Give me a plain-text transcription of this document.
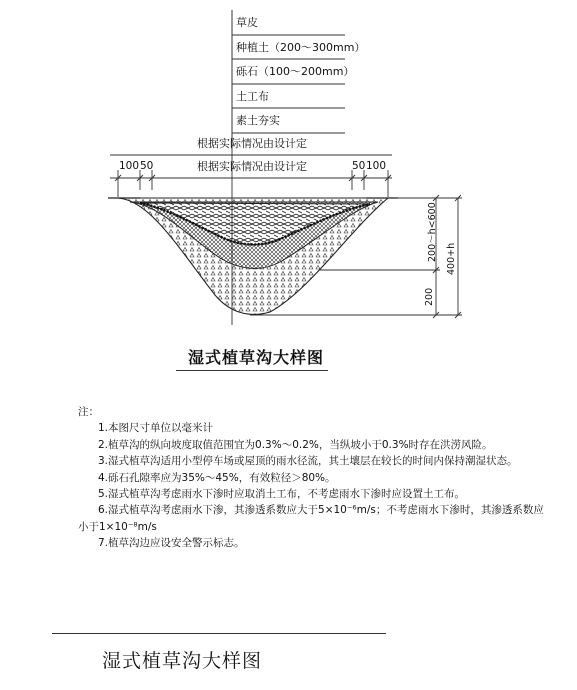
草皮
种植土（200～300mm）
砾石（100～200mm）
土工布
素土夯实
根据实际情况由设计定
根据实际情况由设计定
100 50	50 100
200～h<600 400+h
200
湿式植草沟大样图

注：

1.本图尺寸单位以毫米计

2.植草沟的纵向坡度取值范围宜为0.3%～0.2%，当纵坡小于0.3%时存在洪涝风险。

3.湿式植草沟适用小型停车场或屋顶的雨水径流，其土壤层在较长的时间内保持潮湿状态。

4.砾石孔隙率应为35%～45%，有效粒径＞80%。

5.湿式植草沟考虑雨水下渗时应取消土工布，不考虑雨水下渗时应设置土工布。

6.湿式植草沟考虑雨水下渗，其渗透系数应大于5×10⁻⁶m/s；不考虑雨水下渗时，其渗透系数应小于1×10⁻⁸m/s

7.植草沟边应设安全警示标志。

湿式植草沟大样图
